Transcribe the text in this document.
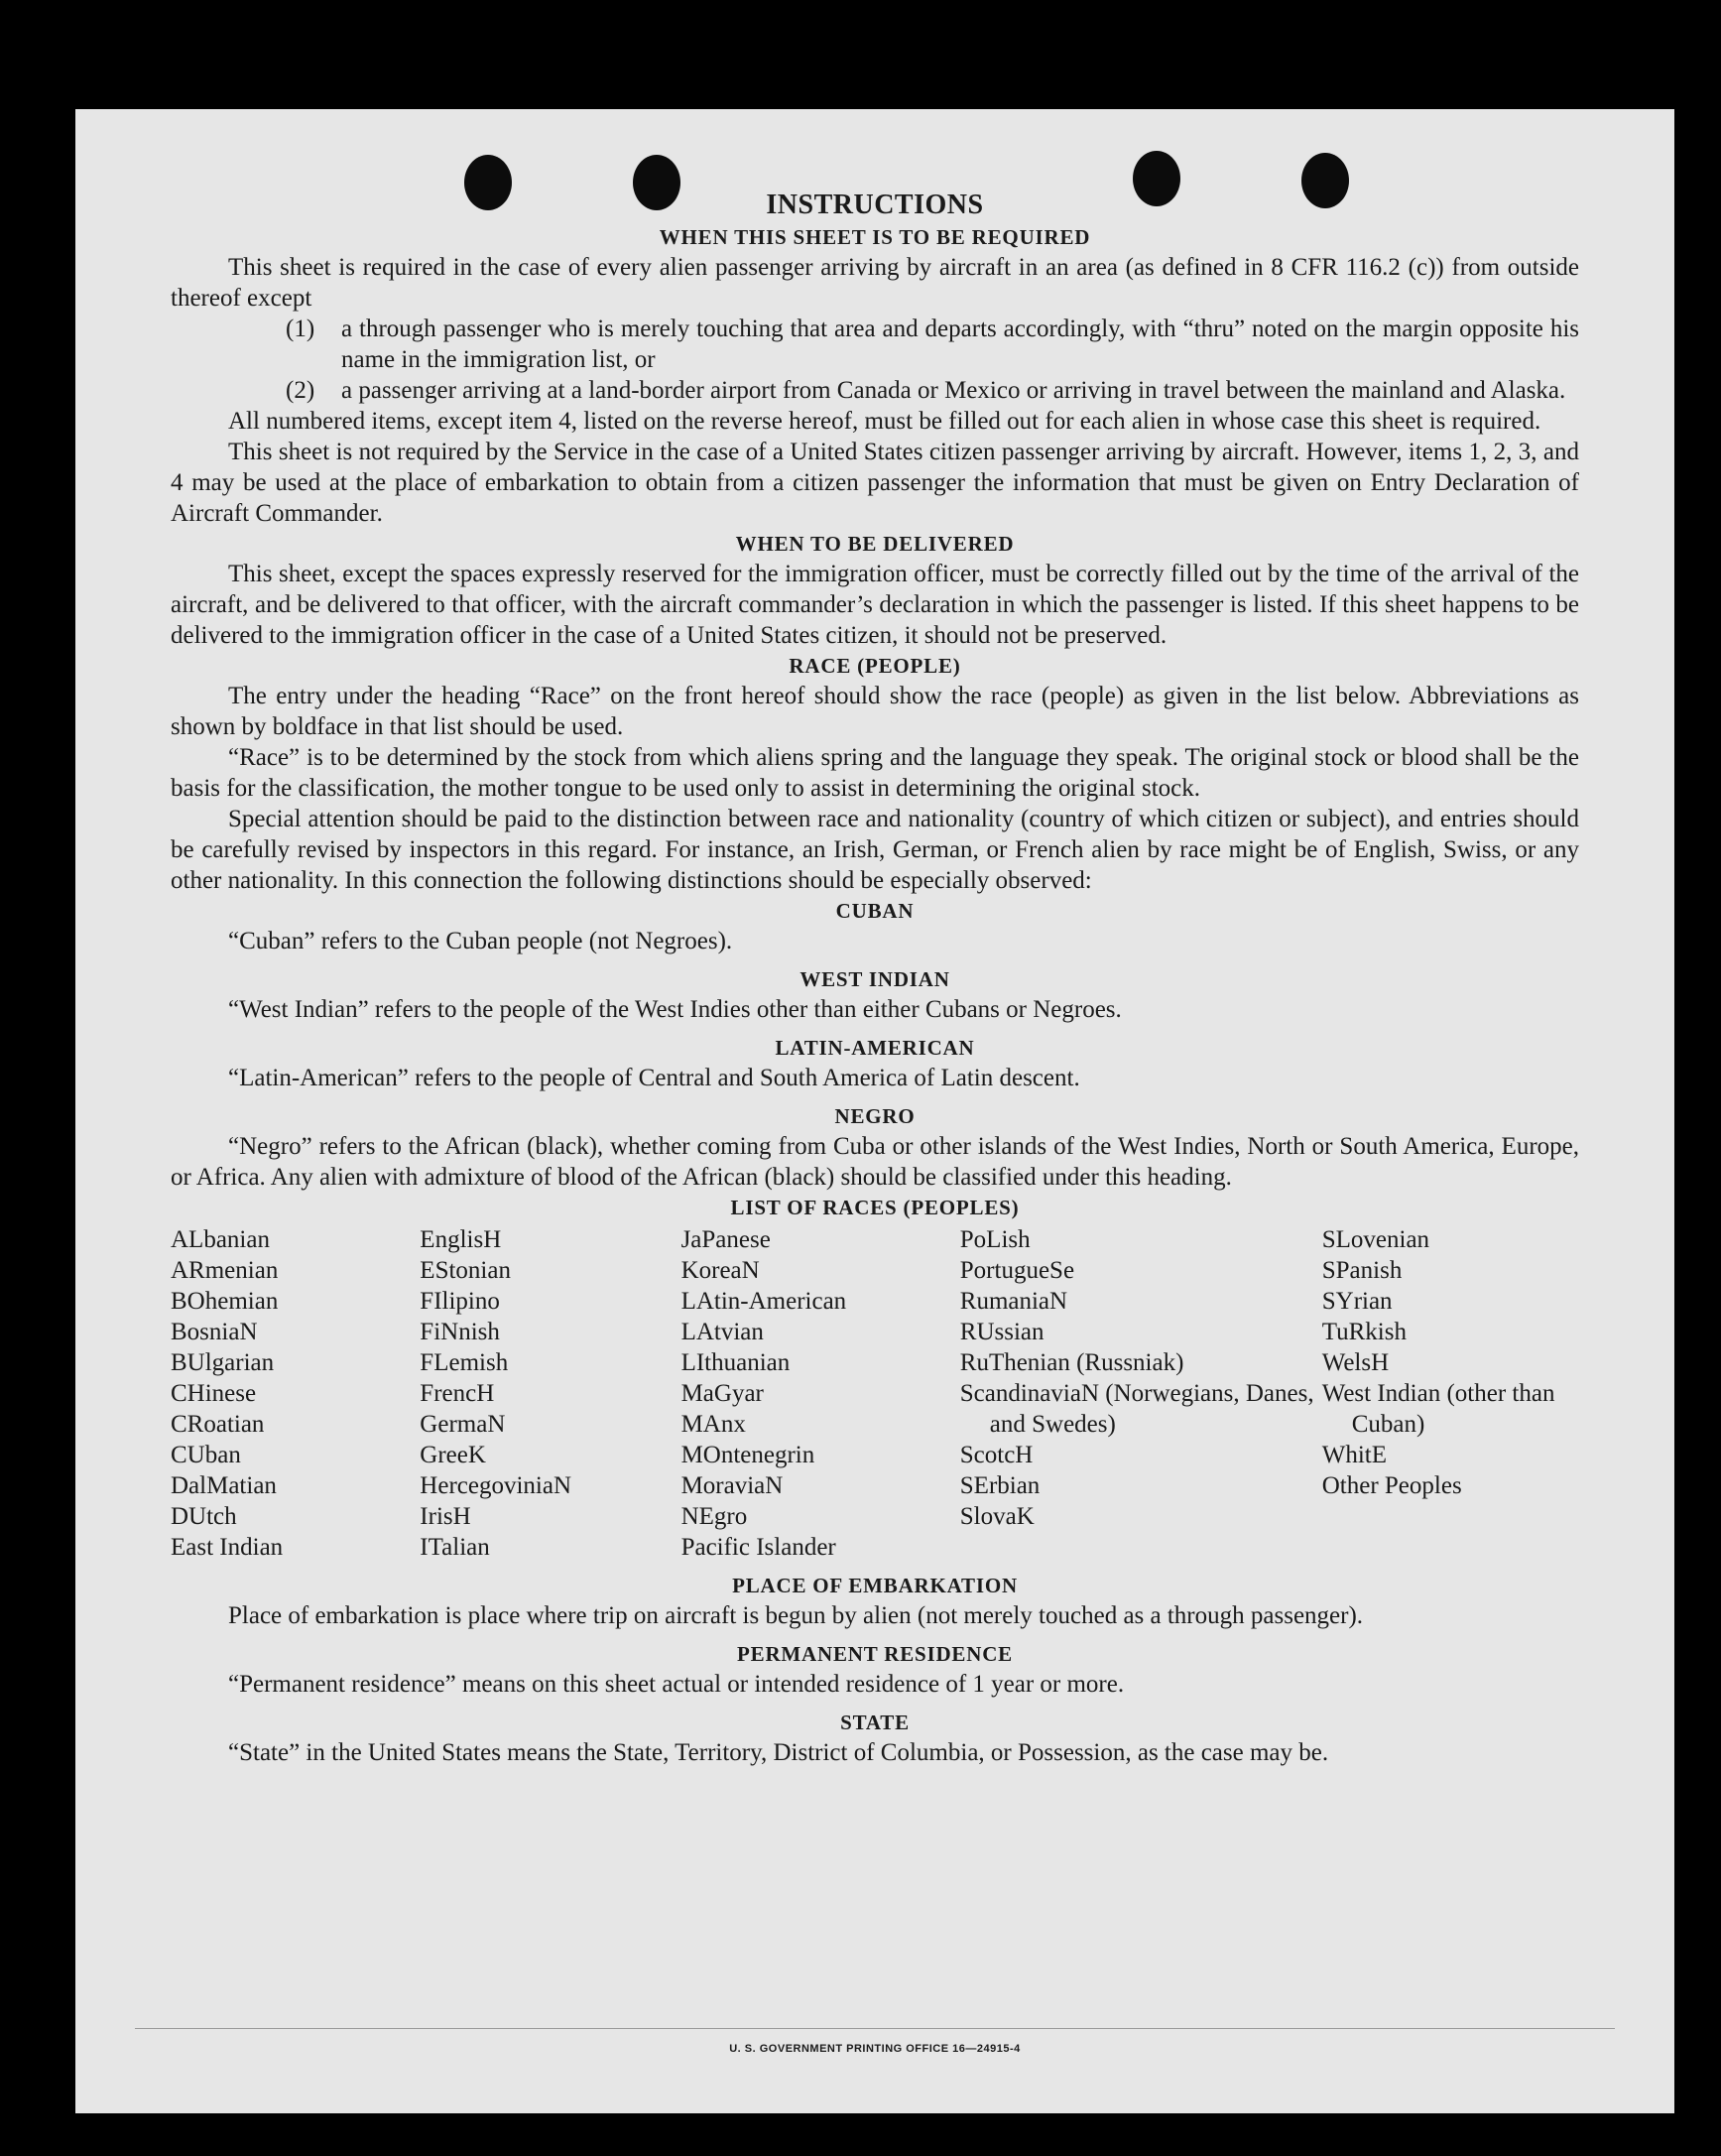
INSTRUCTIONS
WHEN THIS SHEET IS TO BE REQUIRED

This sheet is required in the case of every alien passenger arriving by aircraft in an area (as defined in 8 CFR 116.2 (c)) from outside thereof except

(1)	a through passenger who is merely touching that area and departs accordingly, with “thru” noted on the margin opposite his name in the immigration list, or
(2)	a passenger arriving at a land-border airport from Canada or Mexico or arriving in travel between the mainland and Alaska.

All numbered items, except item 4, listed on the reverse hereof, must be filled out for each alien in whose case this sheet is required.

This sheet is not required by the Service in the case of a United States citizen passenger arriving by aircraft. However, items 1, 2, 3, and 4 may be used at the place of embarkation to obtain from a citizen passenger the information that must be given on Entry Declaration of Aircraft Commander.

WHEN TO BE DELIVERED

This sheet, except the spaces expressly reserved for the immigration officer, must be correctly filled out by the time of the arrival of the aircraft, and be delivered to that officer, with the aircraft commander’s declaration in which the passenger is listed. If this sheet happens to be delivered to the immigration officer in the case of a United States citizen, it should not be preserved.

RACE (PEOPLE)

The entry under the heading “Race” on the front hereof should show the race (people) as given in the list below. Abbreviations as shown by boldface in that list should be used.

“Race” is to be determined by the stock from which aliens spring and the language they speak. The original stock or blood shall be the basis for the classification, the mother tongue to be used only to assist in determining the original stock.

Special attention should be paid to the distinction between race and nationality (country of which citizen or subject), and entries should be carefully revised by inspectors in this regard. For instance, an Irish, German, or French alien by race might be of English, Swiss, or any other nationality. In this connection the following distinctions should be especially observed:

CUBAN

“Cuban” refers to the Cuban people (not Negroes).

WEST INDIAN

“West Indian” refers to the people of the West Indies other than either Cubans or Negroes.

LATIN-AMERICAN

“Latin-American” refers to the people of Central and South America of Latin descent.

NEGRO

“Negro” refers to the African (black), whether coming from Cuba or other islands of the West Indies, North or South America, Europe, or Africa. Any alien with admixture of blood of the African (black) should be classified under this heading.

LIST OF RACES (PEOPLES)
ALbanian
ARmenian
BOhemian
BosniaN
BUlgarian
CHinese
CRoatian
CUban
DalMatian
DUtch
East Indian
EnglisH
EStonian
FIlipino
FiNnish
FLemish
FrencH
GermaN
GreeK
HercegoviniaN
IrisH
ITalian
JaPanese
KoreaN
LAtin-American
LAtvian
LIthuanian
MaGyar
MAnx
MOntenegrin
MoraviaN
NEgro
Pacific Islander
PoLish
PortugueSe
RumaniaN
RUssian
RuThenian (Russniak)
ScandinaviaN (Norwegians, Danes, and Swedes)
ScotcH
SErbian
SlovaK
SLovenian
SPanish
SYrian
TuRkish
WelsH
West Indian (other than Cuban)
WhitE
Other Peoples
PLACE OF EMBARKATION

Place of embarkation is place where trip on aircraft is begun by alien (not merely touched as a through passenger).

PERMANENT RESIDENCE

“Permanent residence” means on this sheet actual or intended residence of 1 year or more.

STATE

“State” in the United States means the State, Territory, District of Columbia, or Possession, as the case may be.

U. S. GOVERNMENT PRINTING OFFICE 16—24915-4
